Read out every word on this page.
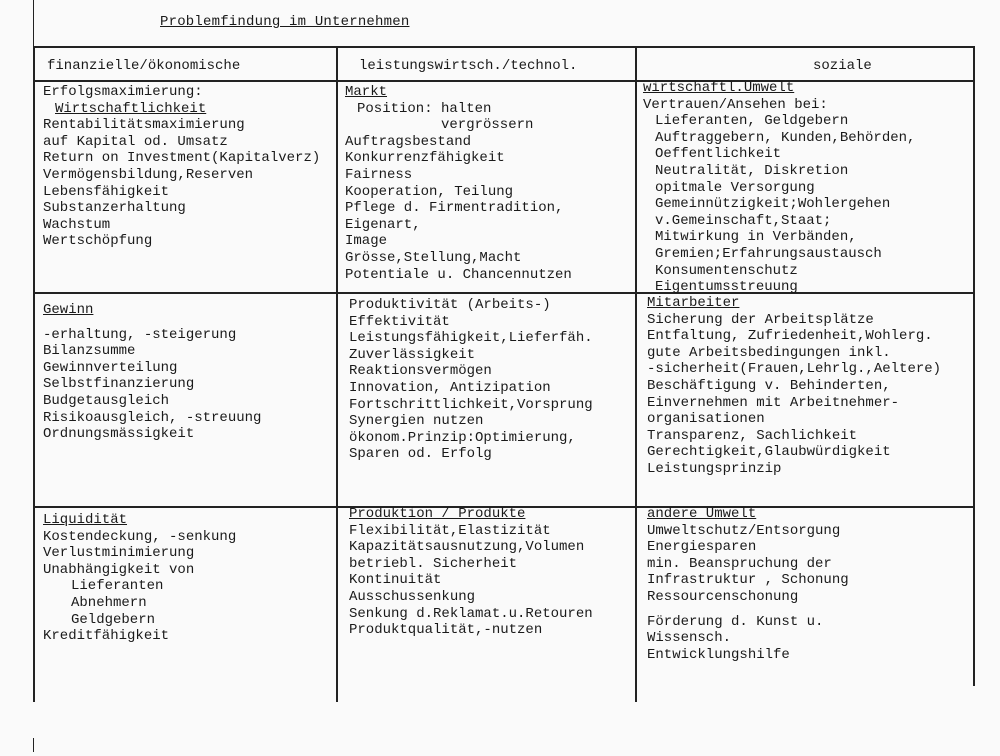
Problemfindung im Unternehmen
finanzielle/ökonomische	leistungswirtsch./technol.	soziale
Erfolgsmaximierung:
Wirtschaftlichkeit
Rentabilitätsmaximierung
auf Kapital od. Umsatz
Return on Investment(Kapitalverz)
Vermögensbildung,Reserven
Lebensfähigkeit
Substanzerhaltung
Wachstum
Wertschöpfung
Markt
Position: halten
vergrössern
Auftragsbestand
Konkurrenzfähigkeit
Fairness
Kooperation, Teilung
Pflege d. Firmentradition,
Eigenart,
Image
Grösse,Stellung,Macht
Potentiale u. Chancennutzen
wirtschaftl.Umwelt
Vertrauen/Ansehen bei:
Lieferanten, Geldgebern
Auftraggebern, Kunden,Behörden,
Oeffentlichkeit
Neutralität, Diskretion
opitmale Versorgung
Gemeinnützigkeit;Wohlergehen
v.Gemeinschaft,Staat;
Mitwirkung in Verbänden,
Gremien;Erfahrungsaustausch
Konsumentenschutz
Eigentumsstreuung
Gewinn
-erhaltung, -steigerung
Bilanzsumme
Gewinnverteilung
Selbstfinanzierung
Budgetausgleich
Risikoausgleich, -streuung
Ordnungsmässigkeit
Produktivität (Arbeits-)
Effektivität
Leistungsfähigkeit,Lieferfäh.
Zuverlässigkeit
Reaktionsvermögen
Innovation, Antizipation
Fortschrittlichkeit,Vorsprung
Synergien nutzen
ökonom.Prinzip:Optimierung,
Sparen od. Erfolg
Mitarbeiter
Sicherung der Arbeitsplätze
Entfaltung, Zufriedenheit,Wohlerg.
gute Arbeitsbedingungen inkl.
-sicherheit(Frauen,Lehrlg.,Aeltere)
Beschäftigung v. Behinderten,
Einvernehmen mit Arbeitnehmer-
organisationen
Transparenz, Sachlichkeit
Gerechtigkeit,Glaubwürdigkeit
Leistungsprinzip
Liquidität
Kostendeckung, -senkung
Verlustminimierung
Unabhängigkeit von
Lieferanten
Abnehmern
Geldgebern
Kreditfähigkeit
Produktion / Produkte
Flexibilität,Elastizität
Kapazitätsausnutzung,Volumen
betriebl. Sicherheit
Kontinuität
Ausschussenkung
Senkung d.Reklamat.u.Retouren
Produktqualität,-nutzen
andere Umwelt
Umweltschutz/Entsorgung
Energiesparen
min. Beanspruchung der
Infrastruktur , Schonung
Ressourcenschonung
Förderung d. Kunst u.
Wissensch.
Entwicklungshilfe
